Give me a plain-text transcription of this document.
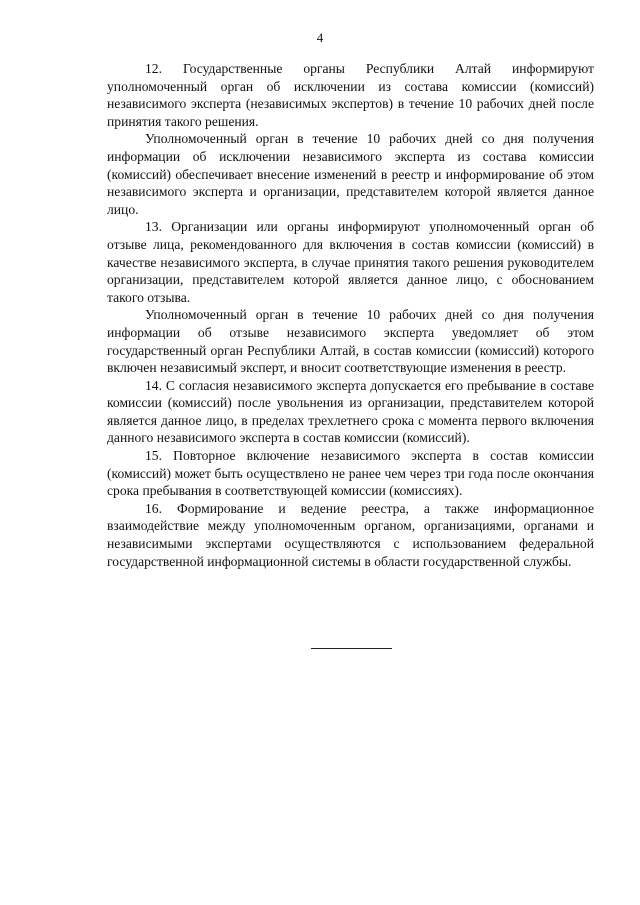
4

12. Государственные органы Республики Алтай информируют уполномоченный орган об исключении из состава комиссии (комиссий) независимого эксперта (независимых экспертов) в течение 10 рабочих дней после принятия такого решения.

Уполномоченный орган в течение 10 рабочих дней со дня получения информации об исключении независимого эксперта из состава комиссии (комиссий) обеспечивает внесение изменений в реестр и информирование об этом независимого эксперта и организации, представителем которой является данное лицо.

13. Организации или органы информируют уполномоченный орган об отзыве лица, рекомендованного для включения в состав комиссии (комиссий) в качестве независимого эксперта, в случае принятия такого решения руководителем организации, представителем которой является данное лицо, с обоснованием такого отзыва.

Уполномоченный орган в течение 10 рабочих дней со дня получения информации об отзыве независимого эксперта уведомляет об этом государственный орган Республики Алтай, в состав комиссии (комиссий) которого включен независимый эксперт, и вносит соответствующие изменения в реестр.

14. С согласия независимого эксперта допускается его пребывание в составе комиссии (комиссий) после увольнения из организации, представителем которой является данное лицо, в пределах трехлетнего срока с момента первого включения данного независимого эксперта в состав комиссии (комиссий).

15. Повторное включение независимого эксперта в состав комиссии (комиссий) может быть осуществлено не ранее чем через три года после окончания срока пребывания в соответствующей комиссии (комиссиях).

16. Формирование и ведение реестра, а также информационное взаимодействие между уполномоченным органом, организациями, органами и независимыми экспертами осуществляются с использованием федеральной государственной информационной системы в области государственной службы.
